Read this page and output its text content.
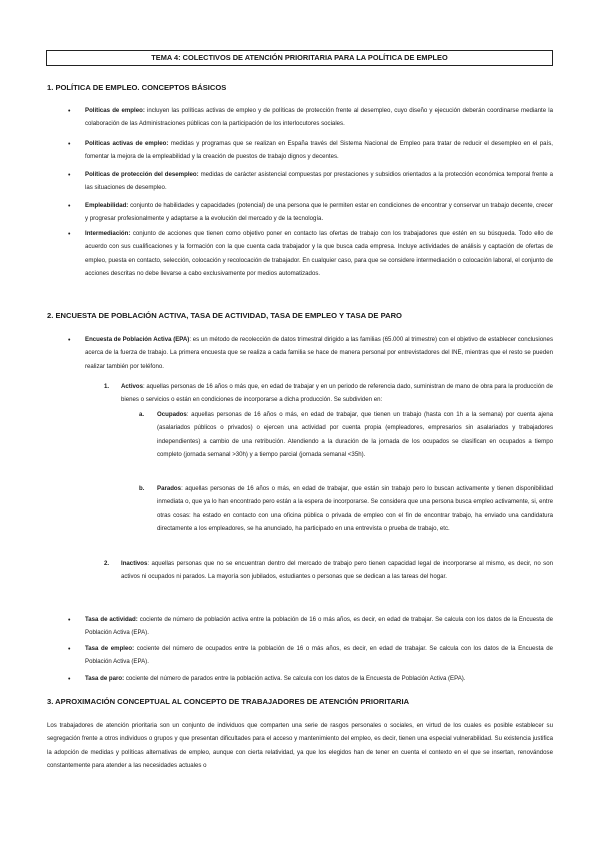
TEMA 4: COLECTIVOS DE ATENCIÓN PRIORITARIA PARA LA POLÍTICA DE EMPLEO
1. POLÍTICA DE EMPLEO. CONCEPTOS BÁSICOS
• Políticas de empleo: incluyen las políticas activas de empleo y de políticas de protección frente al desempleo, cuyo diseño y ejecución deberán coordinarse mediante la colaboración de las Administraciones públicas con la participación de los interlocutores sociales.
• Políticas activas de empleo: medidas y programas que se realizan en España través del Sistema Nacional de Empleo para tratar de reducir el desempleo en el país, fomentar la mejora de la empleabilidad y la creación de puestos de trabajo dignos y decentes.
• Políticas de protección del desempleo: medidas de carácter asistencial compuestas por prestaciones y subsidios orientados a la protección económica temporal frente a las situaciones de desempleo.
• Empleabilidad: conjunto de habilidades y capacidades (potencial) de una persona que le permiten estar en condiciones de encontrar y conservar un trabajo decente, crecer y progresar profesionalmente y adaptarse a la evolución del mercado y de la tecnología.
• Intermediación: conjunto de acciones que tienen como objetivo poner en contacto las ofertas de trabajo con los trabajadores que estén en su búsqueda. Todo ello de acuerdo con sus cualificaciones y la formación con la que cuenta cada trabajador y la que busca cada empresa. Incluye actividades de análisis y captación de ofertas de empleo, puesta en contacto, selección, colocación y recolocación de trabajador. En cualquier caso, para que se considere intermediación o colocación laboral, el conjunto de acciones descritas no debe llevarse a cabo exclusivamente por medios automatizados.
2. ENCUESTA DE POBLACIÓN ACTIVA, TASA DE ACTIVIDAD, TASA DE EMPLEO Y TASA DE PARO
• Encuesta de Población Activa (EPA): es un método de recolección de datos trimestral dirigido a las familias (65.000 al trimestre) con el objetivo de establecer conclusiones acerca de la fuerza de trabajo. La primera encuesta que se realiza a cada familia se hace de manera personal por entrevistadores del INE, mientras que el resto se pueden realizar también por teléfono.
1. Activos: aquellas personas de 16 años o más que, en edad de trabajar y en un periodo de referencia dado, suministran de mano de obra para la producción de bienes o servicios o están en condiciones de incorporarse a dicha producción. Se subdividen en:
a. Ocupados: aquellas personas de 16 años o más, en edad de trabajar, que tienen un trabajo (hasta con 1h a la semana) por cuenta ajena (asalariados públicos o privados) o ejercen una actividad por cuenta propia (empleadores, empresarios sin asalariados y trabajadores independientes) a cambio de una retribución. Atendiendo a la duración de la jornada de los ocupados se clasifican en ocupados a tiempo completo (jornada semanal >30h) y a tiempo parcial (jornada semanal <35h).
b. Parados: aquellas personas de 16 años o más, en edad de trabajar, que están sin trabajo pero lo buscan activamente y tienen disponibilidad inmediata o, que ya lo han encontrado pero están a la espera de incorporarse. Se considera que una persona busca empleo activamente, si, entre otras cosas: ha estado en contacto con una oficina pública o privada de empleo con el fin de encontrar trabajo, ha enviado una candidatura directamente a los empleadores, se ha anunciado, ha participado en una entrevista o prueba de trabajo, etc.
2. Inactivos: aquellas personas que no se encuentran dentro del mercado de trabajo pero tienen capacidad legal de incorporarse al mismo, es decir, no son activos ni ocupados ni parados. La mayoría son jubilados, estudiantes o personas que se dedican a las tareas del hogar.
• Tasa de actividad: cociente de número de población activa entre la población de 16 o más años, es decir, en edad de trabajar. Se calcula con los datos de la Encuesta de Población Activa (EPA).
• Tasa de empleo: cociente del número de ocupados entre la población de 16 o más años, es decir, en edad de trabajar. Se calcula con los datos de la Encuesta de Población Activa (EPA).
• Tasa de paro: cociente del número de parados entre la población activa. Se calcula con los datos de la Encuesta de Población Activa (EPA).
3. APROXIMACIÓN CONCEPTUAL AL CONCEPTO DE TRABAJADORES DE ATENCIÓN PRIORITARIA
Los trabajadores de atención prioritaria son un conjunto de individuos que comparten una serie de rasgos personales o sociales, en virtud de los cuales es posible establecer su segregación frente a otros individuos o grupos y que presentan dificultades para el acceso y mantenimiento del empleo, es decir, tienen una especial vulnerabilidad. Su existencia justifica la adopción de medidas y políticas alternativas de empleo, aunque con cierta relatividad, ya que los elegidos han de tener en cuenta el contexto en el que se insertan, renovándose constantemente para atender a las necesidades actuales o
